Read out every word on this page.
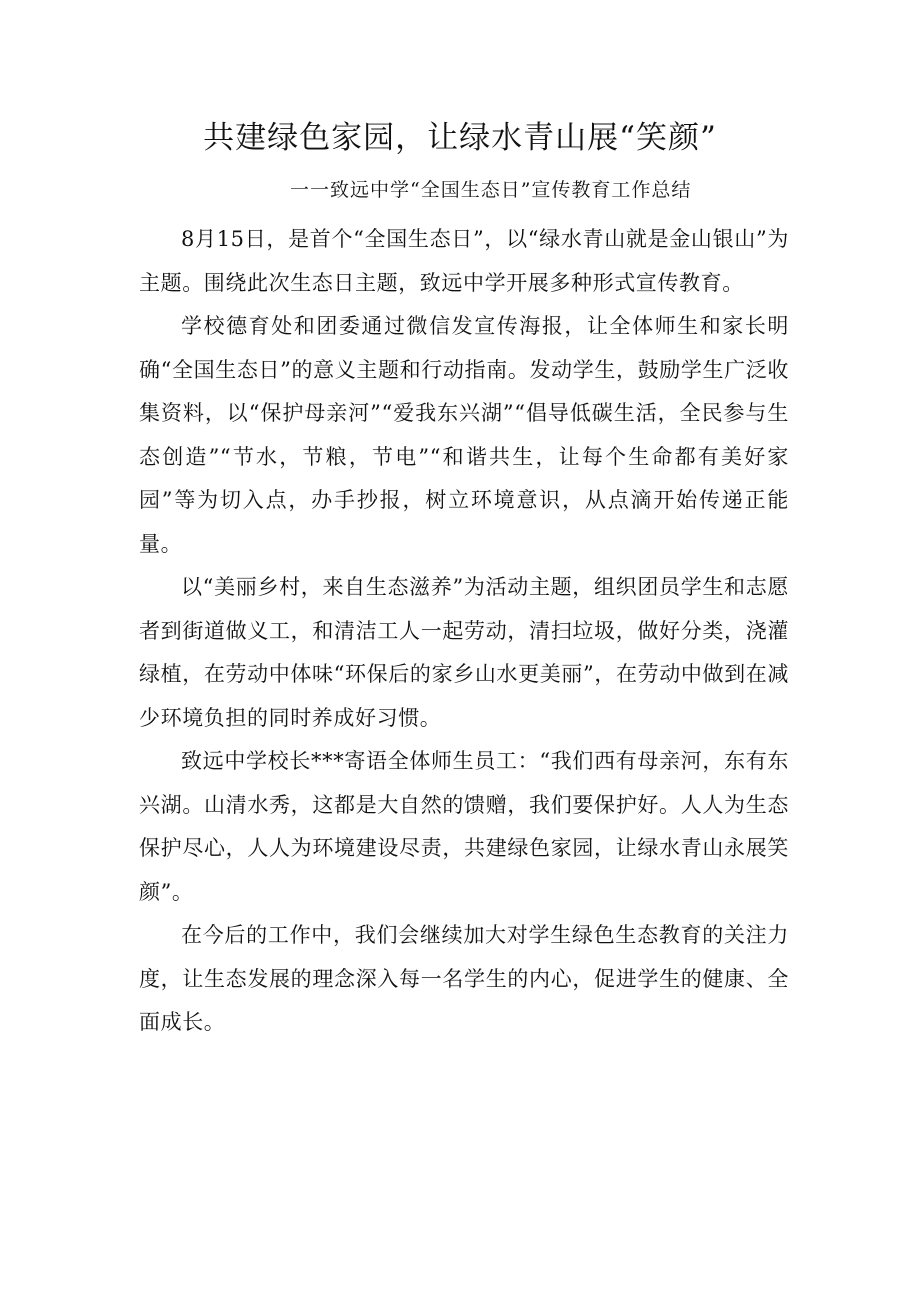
共建绿色家园，让绿水青山展“笑颜”
一一致远中学“全国生态日”宣传教育工作总结

8月15日，是首个“全国生态日”，以“绿水青山就是金山银山”为主题。围绕此次生态日主题，致远中学开展多种形式宣传教育。

学校德育处和团委通过微信发宣传海报，让全体师生和家长明确“全国生态日”的意义主题和行动指南。发动学生，鼓励学生广泛收集资料，以“保护母亲河”“爱我东兴湖”“倡导低碳生活，全民参与生态创造”“节水，节粮，节电”“和谐共生，让每个生命都有美好家园”等为切入点，办手抄报，树立环境意识，从点滴开始传递正能量。

以“美丽乡村，来自生态滋养”为活动主题，组织团员学生和志愿者到街道做义工，和清洁工人一起劳动，清扫垃圾，做好分类，浇灌绿植，在劳动中体味“环保后的家乡山水更美丽”，在劳动中做到在减少环境负担的同时养成好习惯。

致远中学校长***寄语全体师生员工：“我们西有母亲河，东有东兴湖。山清水秀，这都是大自然的馈赠，我们要保护好。人人为生态保护尽心，人人为环境建设尽责，共建绿色家园，让绿水青山永展笑颜”。

在今后的工作中，我们会继续加大对学生绿色生态教育的关注力度，让生态发展的理念深入每一名学生的内心，促进学生的健康、全面成长。
